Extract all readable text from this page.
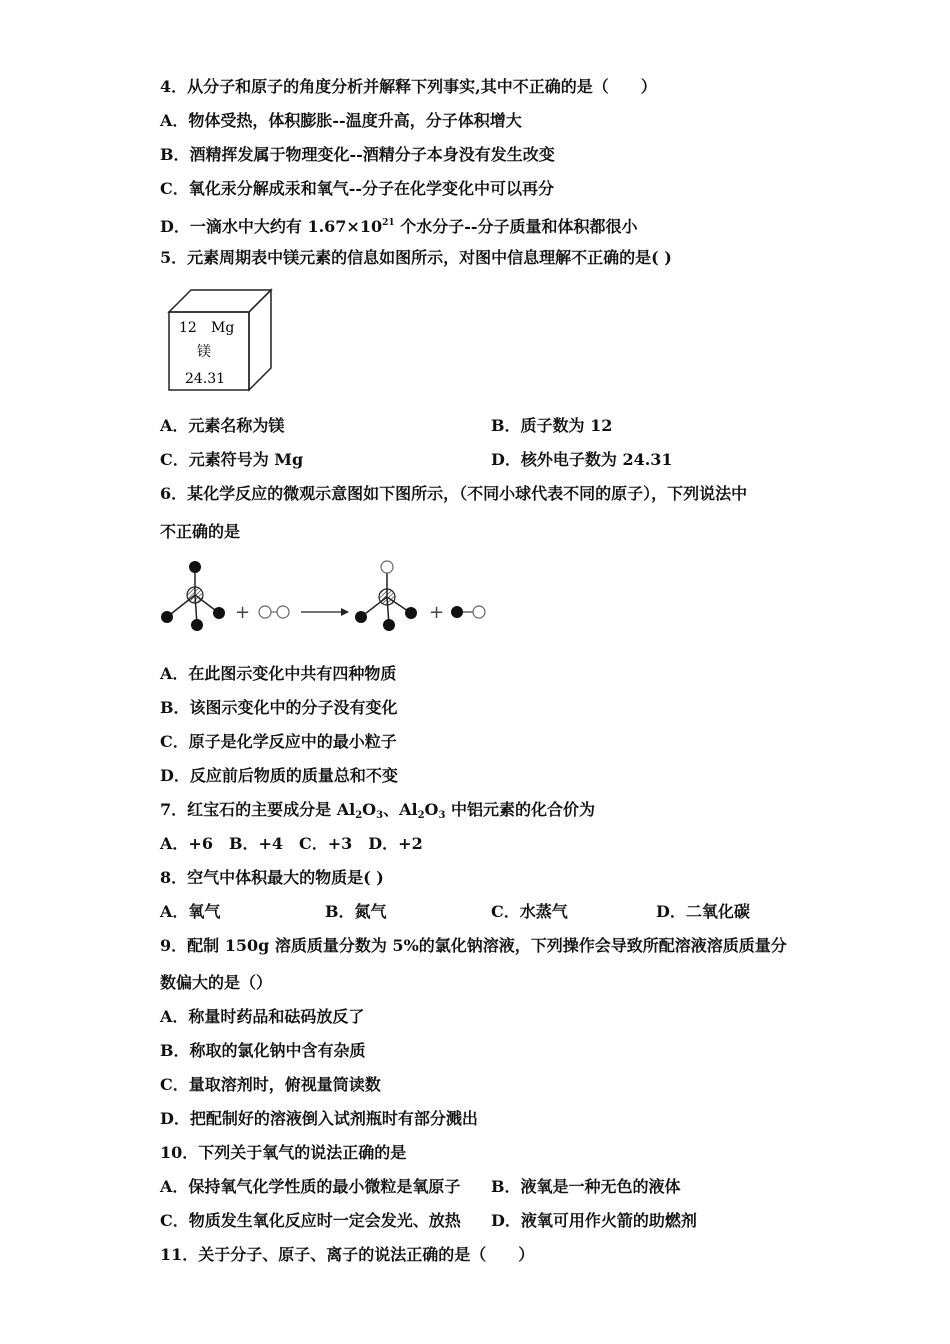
4．从分子和原子的角度分析并解释下列事实,其中不正确的是（　　）
A．物体受热，体积膨胀--温度升高，分子体积增大
B．酒精挥发属于物理变化--酒精分子本身没有发生改变
C．氧化汞分解成汞和氧气--分子在化学变化中可以再分
D．一滴水中大约有 $1.67\times 10^{21}$ 个水分子--分子质量和体积都很小
5．元素周期表中镁元素的信息如图所示，对图中信息理解不正确的是( )
12 Mg
镁
24.31
A．元素名称为镁	B．质子数为 12
C．元素符号为 Mg	D．核外电子数为 24.31
6．某化学反应的微观示意图如下图所示，（不同小球代表不同的原子），下列说法中
不正确的是
+	+
A．在此图示变化中共有四种物质
B．该图示变化中的分子没有变化
C．原子是化学反应中的最小粒子
D．反应前后物质的质量总和不变
7．红宝石的主要成分是 $Al_2O_3$、$Al_2O_3$ 中铝元素的化合价为
A．+6　B．+4　C．+3　D．+2
8．空气中体积最大的物质是( )
A．氧气	B．氮气	C．水蒸气	D．二氧化碳
9．配制 150g 溶质质量分数为 5%的氯化钠溶液，下列操作会导致所配溶液溶质质量分
数偏大的是（）
A．称量时药品和砝码放反了
B．称取的氯化钠中含有杂质
C．量取溶剂时，俯视量筒读数
D．把配制好的溶液倒入试剂瓶时有部分溅出
10．下列关于氧气的说法正确的是
A．保持氧气化学性质的最小微粒是氧原子 B．液氧是一种无色的液体
C．物质发生氧化反应时一定会发光、放热 D．液氧可用作火箭的助燃剂
11．关于分子、原子、离子的说法正确的是（　　）
